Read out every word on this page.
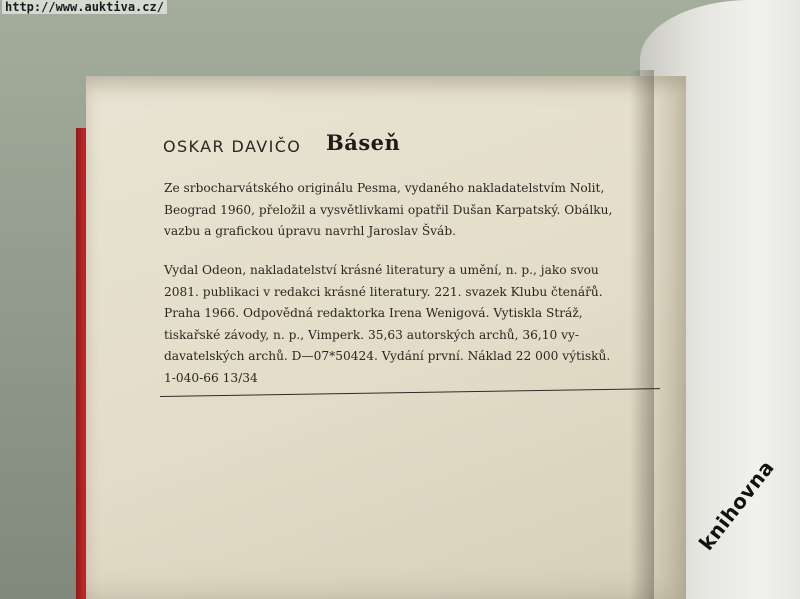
http://www.auktiva.cz/
OSKAR DAVIČO Báseň

Ze srbocharvátského originálu Pesma, vydaného nakladatelstvím Nolit,
Beograd 1960, přeložil a vysvětlivkami opatřil Dušan Karpatský. Obálku,
vazbu a grafickou úpravu navrhl Jaroslav Šváb.

Vydal Odeon, nakladatelství krásné literatury a umění, n. p., jako svou
2081. publikaci v redakci krásné literatury. 221. svazek Klubu čtenářů.
Praha 1966. Odpovědná redaktorka Irena Wenigová. Vytiskla Stráž,
tiskařské závody, n. p., Vimperk. 35,63 autorských archů, 36,10 vy-
davatelských archů. D—07*50424. Vydání první. Náklad 22 000 výtisků.
1-040-66 13/34

knihovna
